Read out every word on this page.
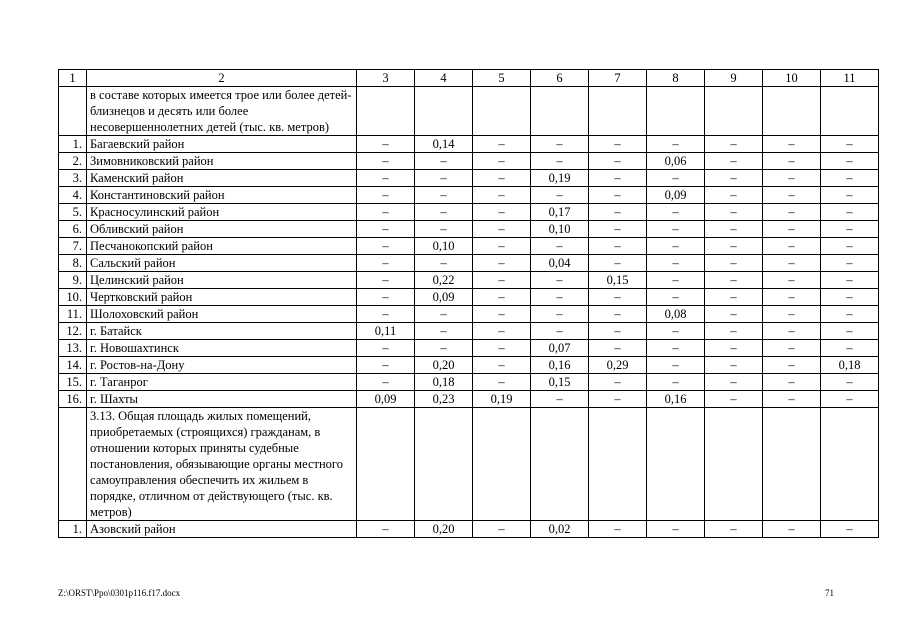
1	2	3	4	5	6	7	8	9	10	11
	в составе которых имеется трое или более детей-близнецов и десять или более несовершеннолетних детей (тыс. кв. метров)									
1.	Багаевский район	–	0,14	–	–	–	–	–	–	–
2.	Зимовниковский район	–	–	–	–	–	0,06	–	–	–
3.	Каменский район	–	–	–	0,19	–	–	–	–	–
4.	Константиновский район	–	–	–	–	–	0,09	–	–	–
5.	Красносулинский район	–	–	–	0,17	–	–	–	–	–
6.	Обливский район	–	–	–	0,10	–	–	–	–	–
7.	Песчанокопский район	–	0,10	–	–	–	–	–	–	–
8.	Сальский район	–	–	–	0,04	–	–	–	–	–
9.	Целинский район	–	0,22	–	–	0,15	–	–	–	–
10.	Чертковский район	–	0,09	–	–	–	–	–	–	–
11.	Шолоховский район	–	–	–	–	–	0,08	–	–	–
12.	г. Батайск	0,11	–	–	–	–	–	–	–	–
13.	г. Новошахтинск	–	–	–	0,07	–	–	–	–	–
14.	г. Ростов-на-Дону	–	0,20	–	0,16	0,29	–	–	–	0,18
15.	г. Таганрог	–	0,18	–	0,15	–	–	–	–	–
16.	г. Шахты	0,09	0,23	0,19	–	–	0,16	–	–	–
	3.13. Общая площадь жилых помещений, приобретаемых (строящихся) гражданам, в отношении которых приняты судебные постановления, обязывающие органы местного самоуправления обеспечить их жильем в порядке, отличном от действующего (тыс. кв. метров)									
1.	Азовский район	–	0,20	–	0,02	–	–	–	–	–
Z:\ORST\Ppo\0301p116.f17.docx	71
